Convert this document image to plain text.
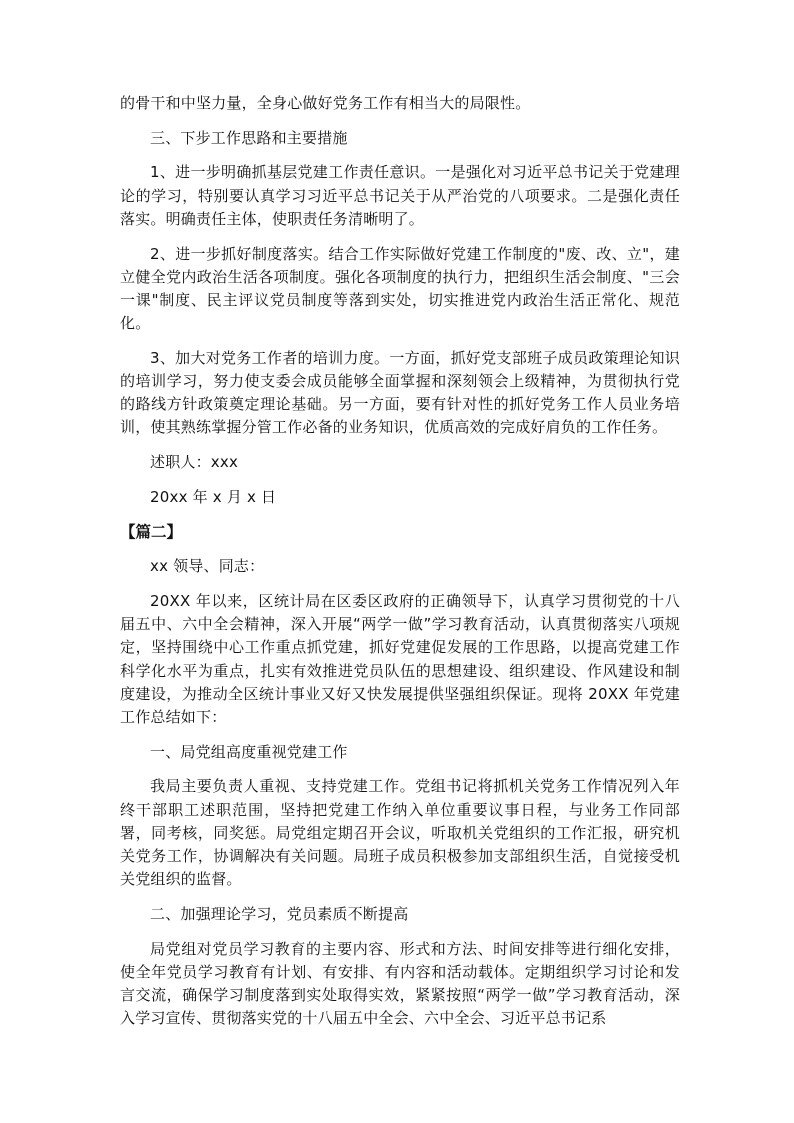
的骨干和中坚力量，全身心做好党务工作有相当大的局限性。

三、下步工作思路和主要措施

1、进一步明确抓基层党建工作责任意识。一是强化对习近平总书记关于党建理论的学习，特别要认真学习习近平总书记关于从严治党的八项要求。二是强化责任落实。明确责任主体，使职责任务清晰明了。

2、进一步抓好制度落实。结合工作实际做好党建工作制度的"废、改、立"，建立健全党内政治生活各项制度。强化各项制度的执行力，把组织生活会制度、"三会一课"制度、民主评议党员制度等落到实处，切实推进党内政治生活正常化、规范化。

3、加大对党务工作者的培训力度。一方面，抓好党支部班子成员政策理论知识的培训学习，努力使支委会成员能够全面掌握和深刻领会上级精神，为贯彻执行党的路线方针政策奠定理论基础。另一方面，要有针对性的抓好党务工作人员业务培训，使其熟练掌握分管工作必备的业务知识，优质高效的完成好肩负的工作任务。

述职人：xxx

20xx 年 x 月 x 日

【篇二】

xx 领导、同志：

20XX 年以来，区统计局在区委区政府的正确领导下，认真学习贯彻党的十八届五中、六中全会精神，深入开展“两学一做”学习教育活动，认真贯彻落实八项规定，坚持围绕中心工作重点抓党建，抓好党建促发展的工作思路，以提高党建工作科学化水平为重点，扎实有效推进党员队伍的思想建设、组织建设、作风建设和制度建设，为推动全区统计事业又好又快发展提供坚强组织保证。现将 20XX 年党建工作总结如下：

一、局党组高度重视党建工作

我局主要负责人重视、支持党建工作。党组书记将抓机关党务工作情况列入年终干部职工述职范围，坚持把党建工作纳入单位重要议事日程，与业务工作同部署，同考核，同奖惩。局党组定期召开会议，听取机关党组织的工作汇报，研究机关党务工作，协调解决有关问题。局班子成员积极参加支部组织生活，自觉接受机关党组织的监督。

二、加强理论学习，党员素质不断提高

局党组对党员学习教育的主要内容、形式和方法、时间安排等进行细化安排，使全年党员学习教育有计划、有安排、有内容和活动载体。定期组织学习讨论和发言交流，确保学习制度落到实处取得实效，紧紧按照“两学一做”学习教育活动，深入学习宣传、贯彻落实党的十八届五中全会、六中全会、习近平总书记系
